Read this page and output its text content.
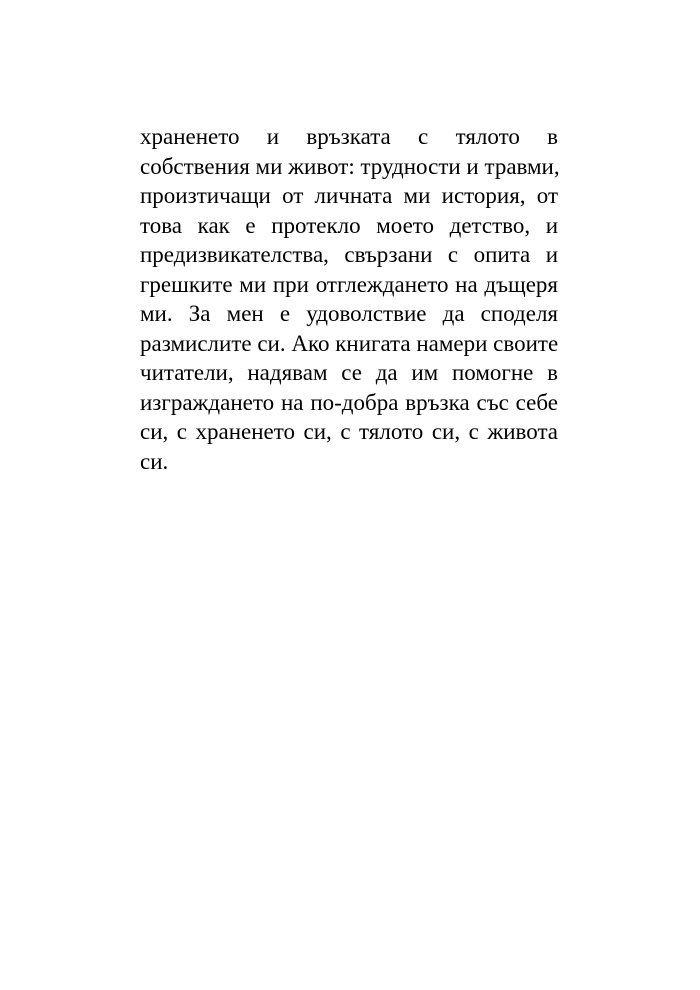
храненето и връзката с тялото в
собствения ми живот: трудности и травми,
произтичащи от личната ми история, от
това как е протекло моето детство, и
предизвикателства, свързани с опита и
грешките ми при отглеждането на дъщеря
ми. За мен е удоволствие да споделя
размислите си. Ако книгата намери своите
читатели, надявам се да им помогне в
изграждането на по-добра връзка със себе
си, с храненето си, с тялото си, с живота
си.
